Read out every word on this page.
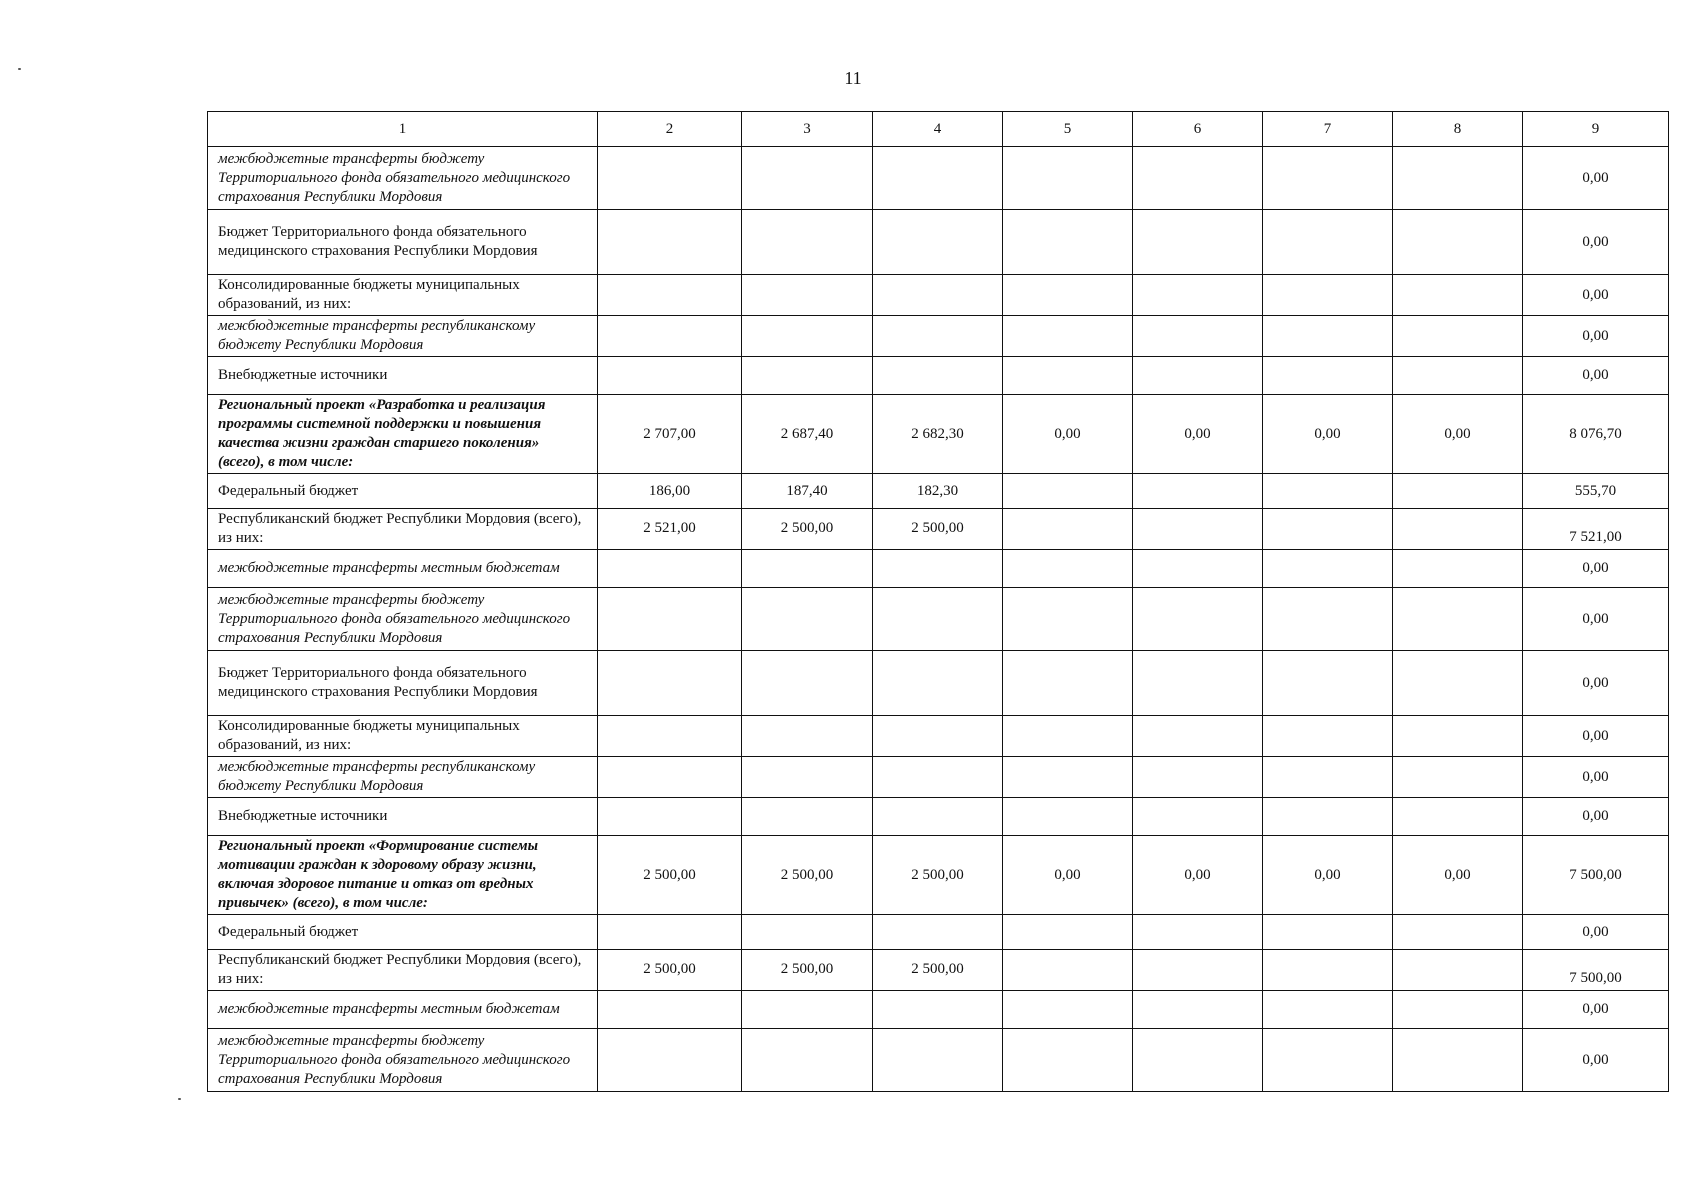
11
1	2	3	4	5	6	7	8	9
межбюджетные трансферты бюджету Территориального фонда обязательного медицинского страхования Республики Мордовия								0,00
Бюджет Территориального фонда обязательного медицинского страхования Республики Мордовия								0,00
Консолидированные бюджеты муниципальных образований, из них:								0,00
межбюджетные трансферты республиканскому бюджету Республики Мордовия								0,00
Внебюджетные источники								0,00
Региональный проект «Разработка и реализация программы системной поддержки и повышения качества жизни граждан старшего поколения» (всего), в том числе:	2 707,00	2 687,40	2 682,30	0,00	0,00	0,00	0,00	8 076,70
Федеральный бюджет	186,00	187,40	182,30					555,70
Республиканский бюджет Республики Мордовия (всего), из них:	2 521,00	2 500,00	2 500,00					7 521,00
межбюджетные трансферты местным бюджетам								0,00
межбюджетные трансферты бюджету Территориального фонда обязательного медицинского страхования Республики Мордовия								0,00
Бюджет Территориального фонда обязательного медицинского страхования Республики Мордовия								0,00
Консолидированные бюджеты муниципальных образований, из них:								0,00
межбюджетные трансферты республиканскому бюджету Республики Мордовия								0,00
Внебюджетные источники								0,00
Региональный проект «Формирование системы мотивации граждан к здоровому образу жизни, включая здоровое питание и отказ от вредных привычек» (всего), в том числе:	2 500,00	2 500,00	2 500,00	0,00	0,00	0,00	0,00	7 500,00
Федеральный бюджет								0,00
Республиканский бюджет Республики Мордовия (всего), из них:	2 500,00	2 500,00	2 500,00					7 500,00
межбюджетные трансферты местным бюджетам								0,00
межбюджетные трансферты бюджету Территориального фонда обязательного медицинского страхования Республики Мордовия								0,00
